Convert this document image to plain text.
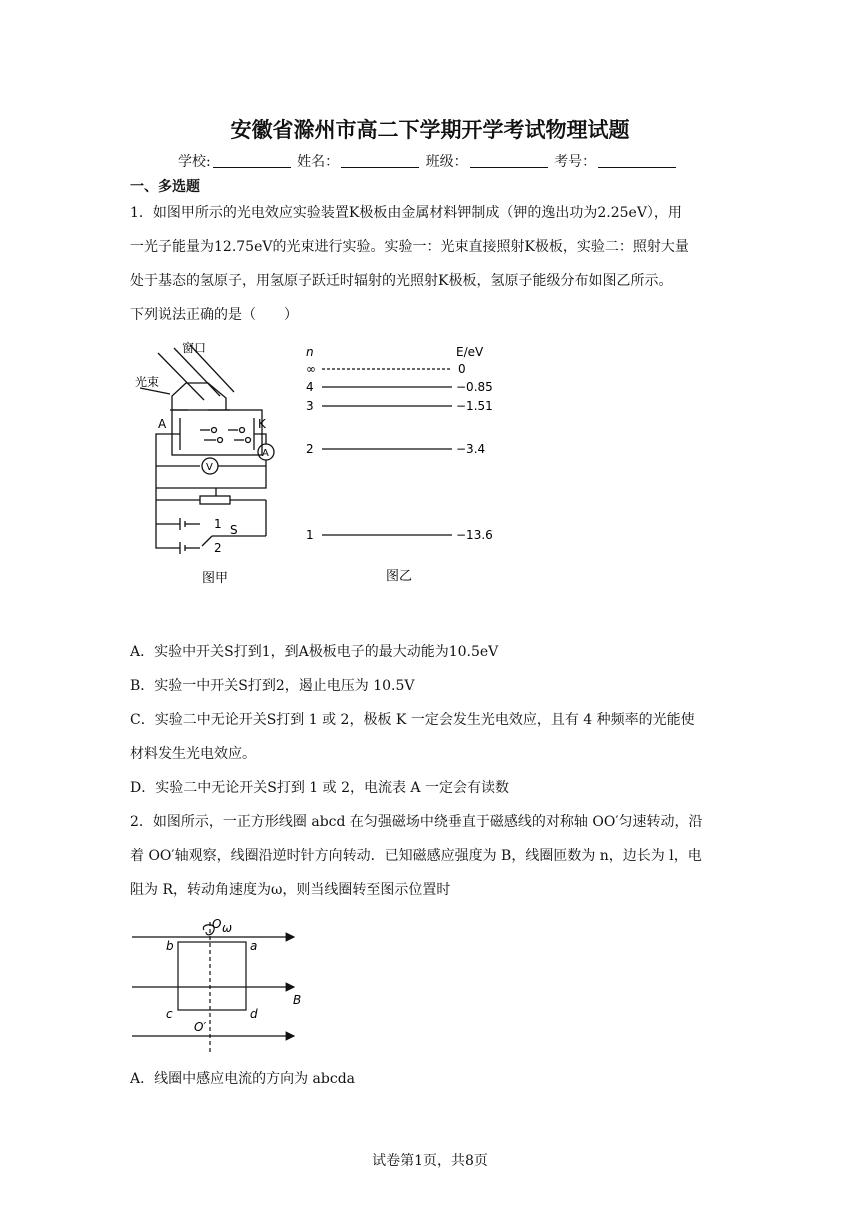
安徽省滁州市高二下学期开学考试物理试题
学校:	姓名：	班级：	考号：
一、多选题
1．如图甲所示的光电效应实验装置K极板由金属材料钾制成（钾的逸出功为2.25eV），用
一光子能量为12.75eV的光束进行实验。实验一：光束直接照射K极板，实验二：照射大量
处于基态的氢原子，用氢原子跃迁时辐射的光照射K极板，氢原子能级分布如图乙所示。
下列说法正确的是（　　）
窗口
光束
A	K
V
A
S
1
2
图甲
n	E/eV
∞
4
3
2
1
0
−0.85
−1.51
−3.4
−13.6
图乙
A．实验中开关S打到1，到A极板电子的最大动能为10.5eV
B．实验一中开关S打到2，遏止电压为 10.5V
C．实验二中无论开关S打到 1 或 2，极板 K 一定会发生光电效应，且有 4 种频率的光能使
材料发生光电效应。
D．实验二中无论开关S打到 1 或 2，电流表 A 一定会有读数
2．如图所示，一正方形线圈 abcd 在匀强磁场中绕垂直于磁感线的对称轴 OO′匀速转动，沿
着 OO′轴观察，线圈沿逆时针方向转动．已知磁感应强度为 B，线圈匝数为 n，边长为 l，电
阻为 R，转动角速度为ω，则当线圈转至图示位置时
O ω
b	a
c	d
O′
B
A．线圈中感应电流的方向为 abcda
试卷第1页，共8页
